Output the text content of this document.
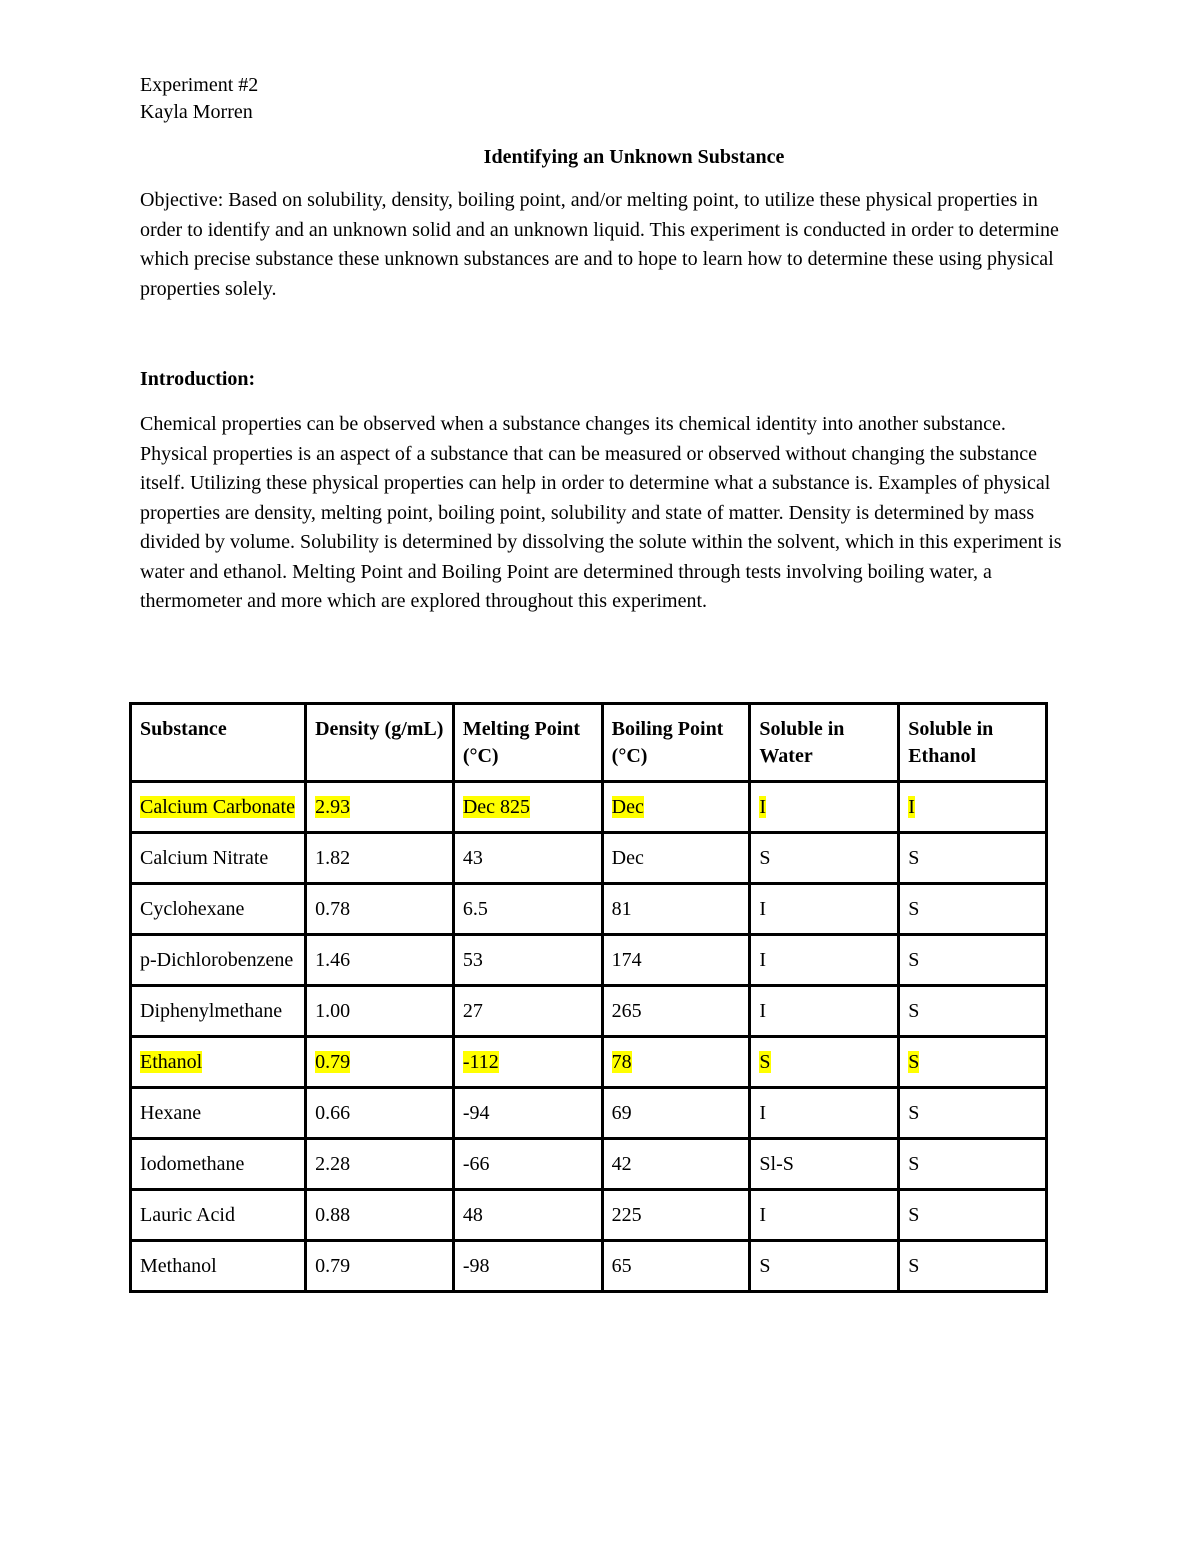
Experiment #2
Kayla Morren
Identifying an Unknown Substance

Objective: Based on solubility, density, boiling point, and/or melting point, to utilize these physical properties in order to identify and an unknown solid and an unknown liquid. This experiment is conducted in order to determine which precise substance these unknown substances are and to hope to learn how to determine these using physical properties solely.

Introduction:

Chemical properties can be observed when a substance changes its chemical identity into another substance. Physical properties is an aspect of a substance that can be measured or observed without changing the substance itself. Utilizing these physical properties can help in order to determine what a substance is. Examples of physical properties are density, melting point, boiling point, solubility and state of matter. Density is determined by mass divided by volume. Solubility is determined by dissolving the solute within the solvent, which in this experiment is water and ethanol. Melting Point and Boiling Point are determined through tests involving boiling water, a thermometer and more which are explored throughout this experiment.

Substance	Density (g/mL)	Melting Point (°C)	Boiling Point (°C)	Soluble in Water	Soluble in Ethanol
Calcium Carbonate	2.93	Dec 825	Dec	I	I
Calcium Nitrate	1.82	43	Dec	S	S
Cyclohexane	0.78	6.5	81	I	S
p-Dichlorobenzene	1.46	53	174	I	S
Diphenylmethane	1.00	27	265	I	S
Ethanol	0.79	-112	78	S	S
Hexane	0.66	-94	69	I	S
Iodomethane	2.28	-66	42	Sl-S	S
Lauric Acid	0.88	48	225	I	S
Methanol	0.79	-98	65	S	S
